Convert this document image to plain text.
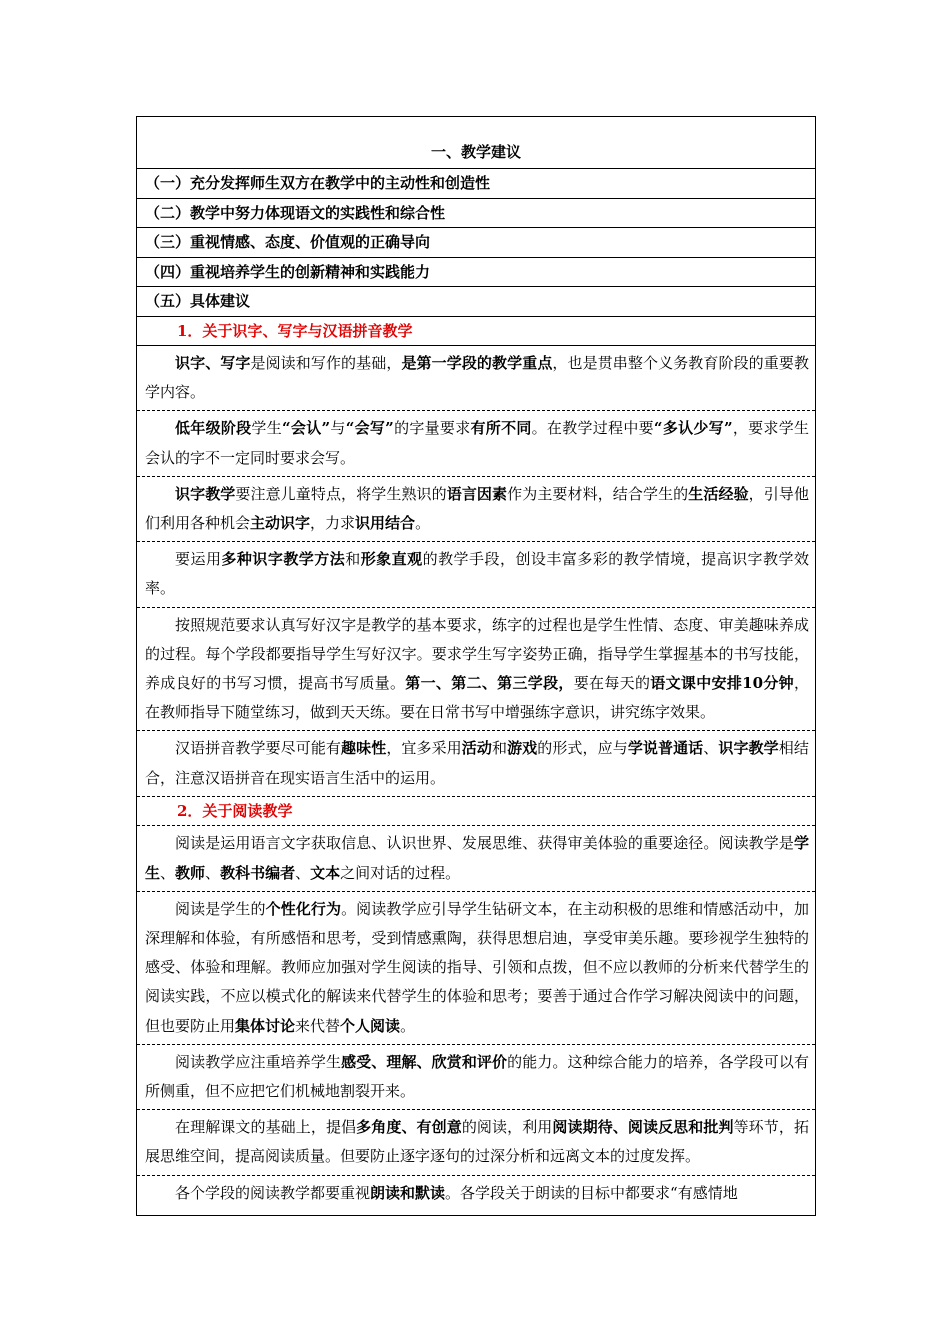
一、教学建议
（一）充分发挥师生双方在教学中的主动性和创造性
（二）教学中努力体现语文的实践性和综合性
（三）重视情感、态度、价值观的正确导向
（四）重视培养学生的创新精神和实践能力
（五）具体建议
1．关于识字、写字与汉语拼音教学
识字、写字是阅读和写作的基础，是第一学段的教学重点，也是贯串整个义务教育阶段的重要教学内容。
低年级阶段学生“会认”与“会写”的字量要求有所不同。在教学过程中要“多认少写”，要求学生会认的字不一定同时要求会写。
识字教学要注意儿童特点，将学生熟识的语言因素作为主要材料，结合学生的生活经验，引导他们利用各种机会主动识字，力求识用结合。
要运用多种识字教学方法和形象直观的教学手段，创设丰富多彩的教学情境，提高识字教学效率。
按照规范要求认真写好汉字是教学的基本要求，练字的过程也是学生性情、态度、审美趣味养成的过程。每个学段都要指导学生写好汉字。要求学生写字姿势正确，指导学生掌握基本的书写技能，养成良好的书写习惯，提高书写质量。第一、第二、第三学段，要在每天的语文课中安排10分钟，在教师指导下随堂练习，做到天天练。要在日常书写中增强练字意识，讲究练字效果。
汉语拼音教学要尽可能有趣味性，宜多采用活动和游戏的形式，应与学说普通话、识字教学相结合，注意汉语拼音在现实语言生活中的运用。
2．关于阅读教学
阅读是运用语言文字获取信息、认识世界、发展思维、获得审美体验的重要途径。阅读教学是学生、教师、教科书编者、文本之间对话的过程。
阅读是学生的个性化行为。阅读教学应引导学生钻研文本，在主动积极的思维和情感活动中，加深理解和体验，有所感悟和思考，受到情感熏陶，获得思想启迪，享受审美乐趣。要珍视学生独特的感受、体验和理解。教师应加强对学生阅读的指导、引领和点拨，但不应以教师的分析来代替学生的阅读实践，不应以模式化的解读来代替学生的体验和思考；要善于通过合作学习解决阅读中的问题，但也要防止用集体讨论来代替个人阅读。
阅读教学应注重培养学生感受、理解、欣赏和评价的能力。这种综合能力的培养，各学段可以有所侧重，但不应把它们机械地割裂开来。
在理解课文的基础上，提倡多角度、有创意的阅读，利用阅读期待、阅读反思和批判等环节，拓展思维空间，提高阅读质量。但要防止逐字逐句的过深分析和远离文本的过度发挥。
各个学段的阅读教学都要重视朗读和默读。各学段关于朗读的目标中都要求“有感情地
